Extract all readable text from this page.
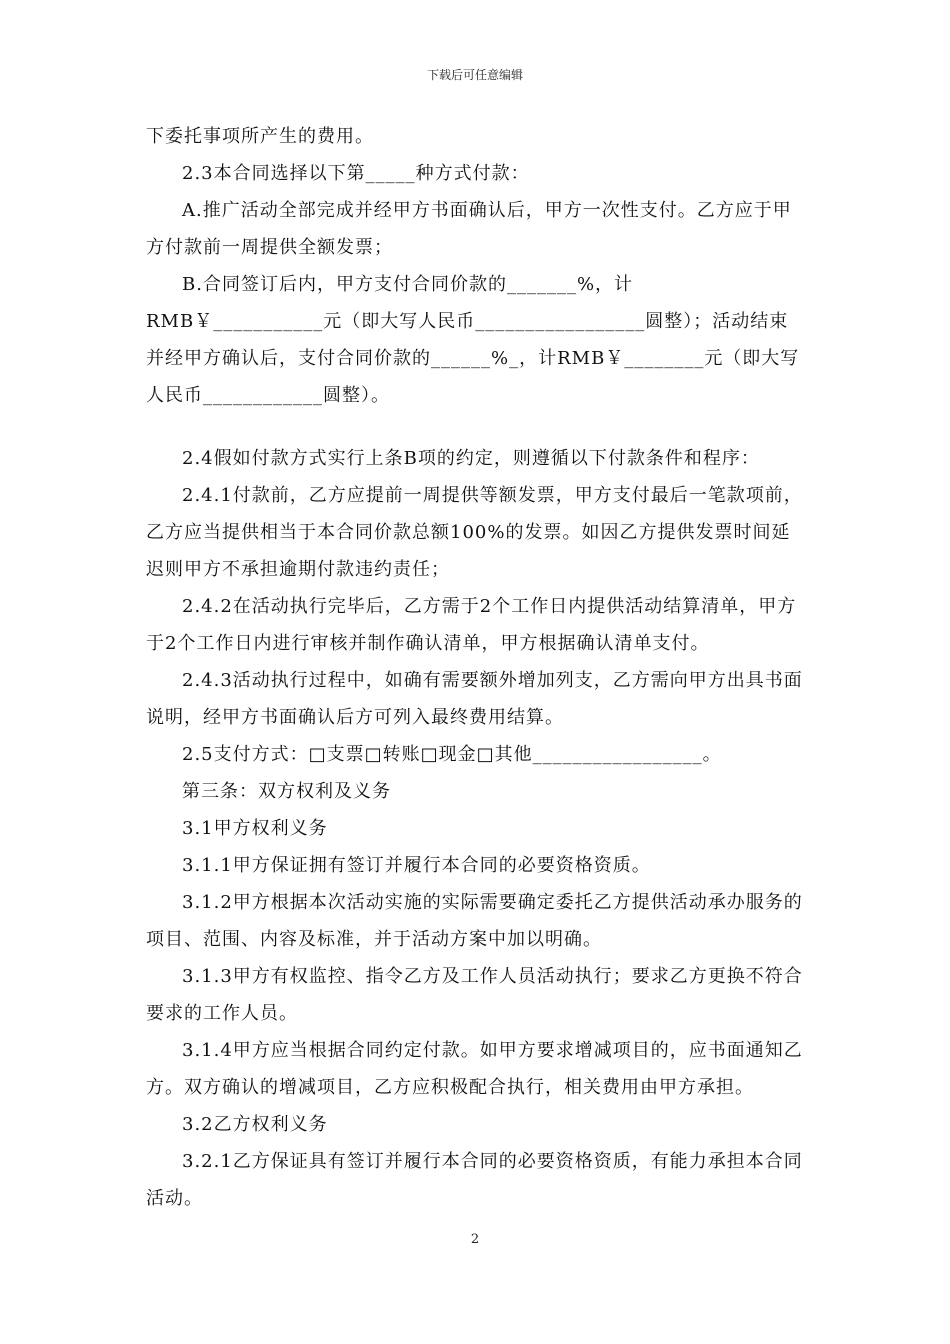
下载后可任意编辑

下委托事项所产生的费用。

2.3本合同选择以下第_____种方式付款：

A.推广活动全部完成并经甲方书面确认后，甲方一次性支付。乙方应于甲方付款前一周提供全额发票；

B.合同签订后内，甲方支付合同价款的_______%，计RMB￥___________元（即大写人民币_________________圆整）；活动结束并经甲方确认后，支付合同价款的______%_，计RMB￥________元（即大写人民币____________圆整）。

2.4假如付款方式实行上条B项的约定，则遵循以下付款条件和程序：

2.4.1付款前，乙方应提前一周提供等额发票，甲方支付最后一笔款项前，乙方应当提供相当于本合同价款总额100%的发票。如因乙方提供发票时间延迟则甲方不承担逾期付款违约责任；

2.4.2在活动执行完毕后，乙方需于2个工作日内提供活动结算清单，甲方于2个工作日内进行审核并制作确认清单，甲方根据确认清单支付。

2.4.3活动执行过程中，如确有需要额外增加列支，乙方需向甲方出具书面说明，经甲方书面确认后方可列入最终费用结算。

2.5支付方式：□支票□转账□现金□其他_________________。

第三条：双方权利及义务

3.1甲方权利义务

3.1.1甲方保证拥有签订并履行本合同的必要资格资质。

3.1.2甲方根据本次活动实施的实际需要确定委托乙方提供活动承办服务的项目、范围、内容及标准，并于活动方案中加以明确。

3.1.3甲方有权监控、指令乙方及工作人员活动执行；要求乙方更换不符合要求的工作人员。

3.1.4甲方应当根据合同约定付款。如甲方要求增减项目的，应书面通知乙方。双方确认的增减项目，乙方应积极配合执行，相关费用由甲方承担。

3.2乙方权利义务

3.2.1乙方保证具有签订并履行本合同的必要资格资质，有能力承担本合同活动。

2
